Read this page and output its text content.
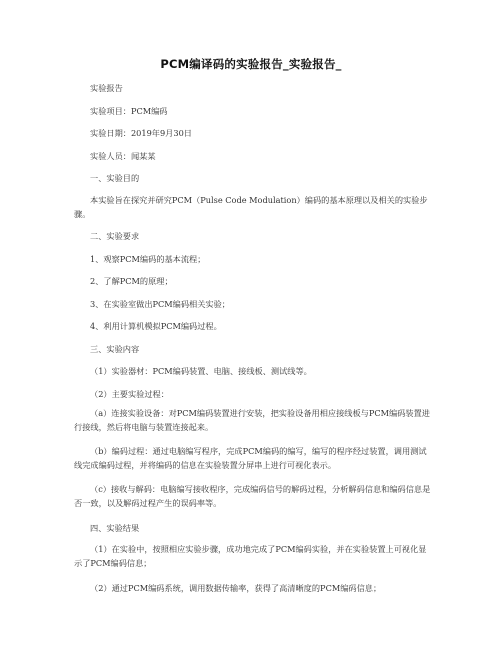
PCM编译码的实验报告_实验报告_
实验报告
实验项目：PCM编码
实验日期：2019年9月30日
实验人员：闻某某
一、实验目的
本实验旨在探究并研究PCM（Pulse Code Modulation）编码的基本原理以及相关的实验步骤。
二、实验要求
1、观察PCM编码的基本流程；
2、了解PCM的原理；
3、在实验室做出PCM编码相关实验；
4、利用计算机模拟PCM编码过程。
三、实验内容
（1）实验器材：PCM编码装置、电脑、接线板、测试线等。
（2）主要实验过程：
（a）连接实验设备：对PCM编码装置进行安装，把实验设备用相应接线板与PCM编码装置进行接线，然后将电脑与装置连接起来。
（b）编码过程：通过电脑编写程序，完成PCM编码的编写，编写的程序经过装置，调用测试线完成编码过程，并将编码的信息在实验装置分屏串上进行可视化表示。
（c）接收与解码：电脑编写接收程序，完成编码信号的解码过程，分析解码信息和编码信息是否一致，以及解码过程产生的误码率等。
四、实验结果
（1）在实验中，按照相应实验步骤，成功地完成了PCM编码实验，并在实验装置上可视化显示了PCM编码信息；
（2）通过PCM编码系统，调用数据传输率，获得了高清晰度的PCM编码信息；
